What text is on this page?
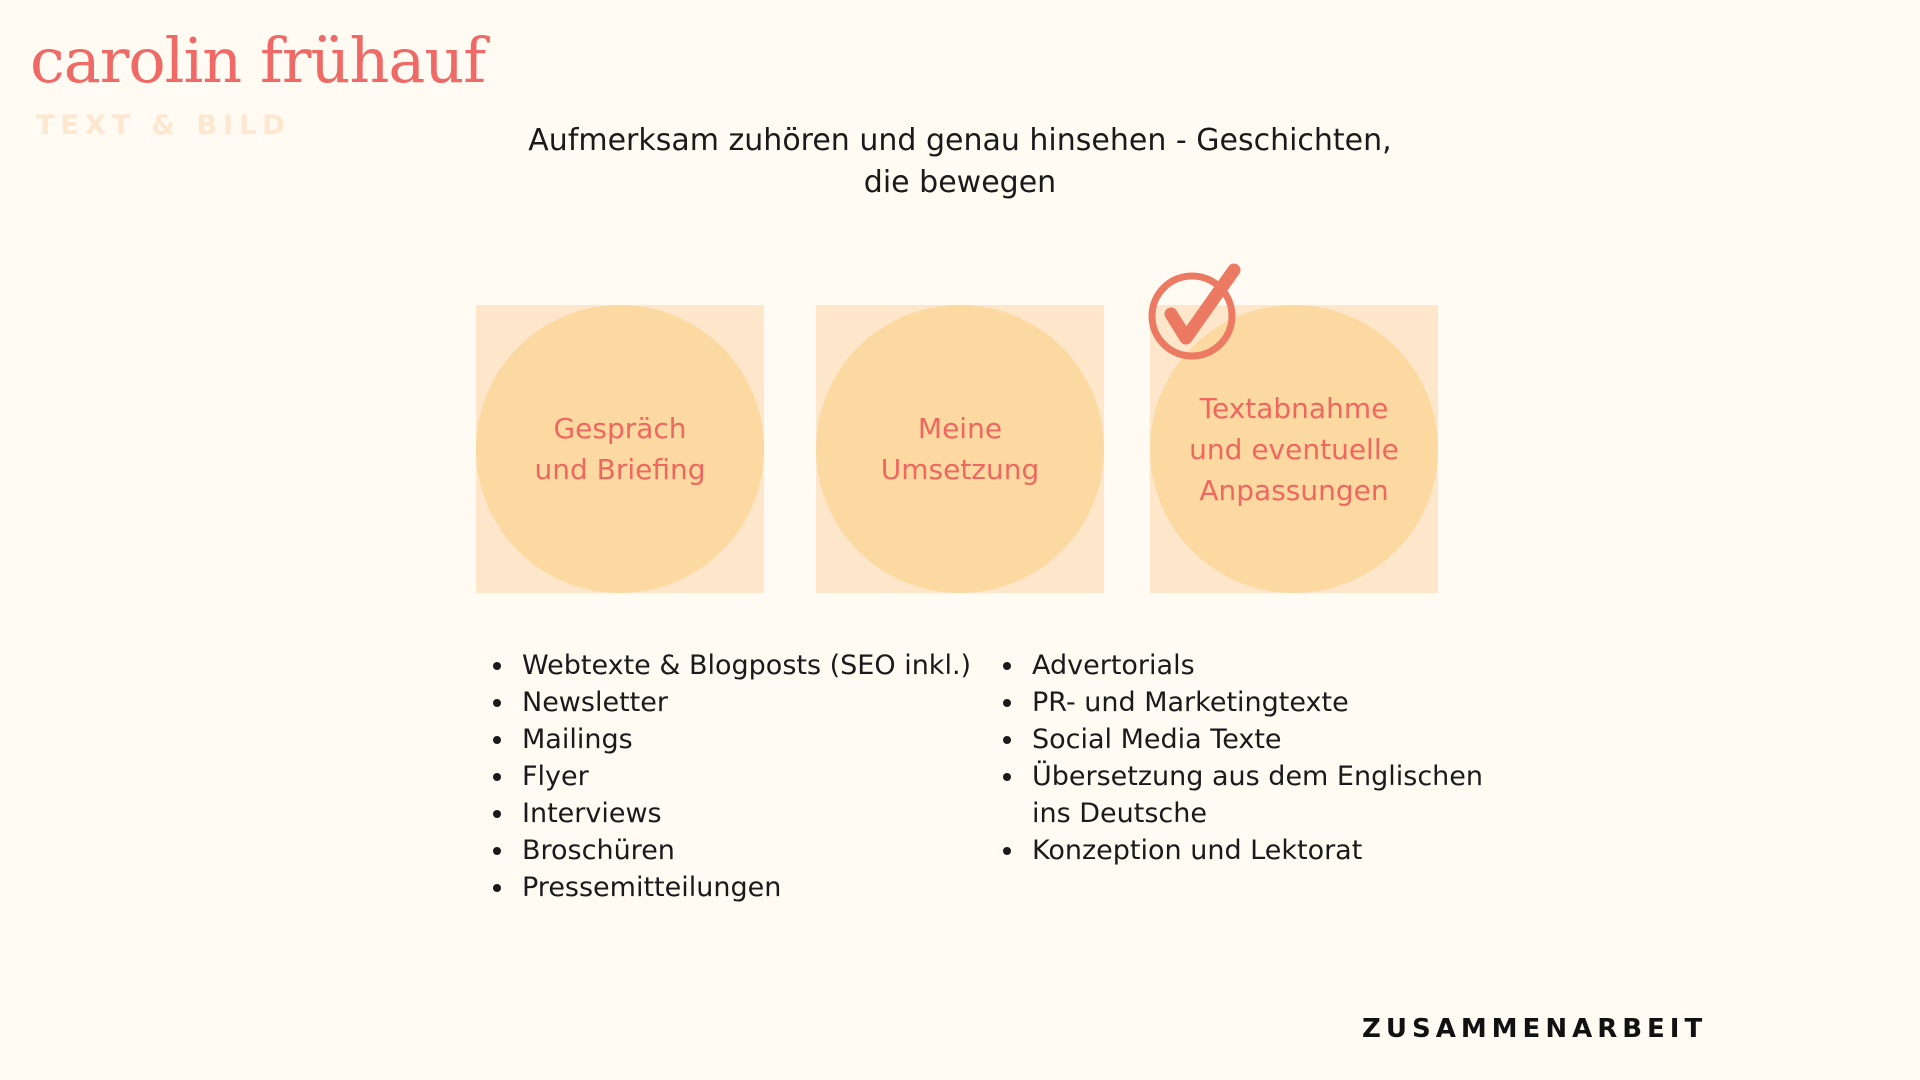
carolin frühauf
TEXT & BILD	Aufmerksam zuhören und genau hinsehen - Geschichten,
die bewegen
Gespräch
und Briefing
Meine
Umsetzung
Textabnahme
und eventuelle
Anpassungen
Webtexte & Blogposts (SEO inkl.)
Newsletter
Mailings
Flyer
Interviews
Broschüren
Pressemitteilungen
Advertorials
PR- und Marketingtexte
Social Media Texte
Übersetzung aus dem Englischen
ins Deutsche
Konzeption und Lektorat
ZUSAMMENARBEIT
